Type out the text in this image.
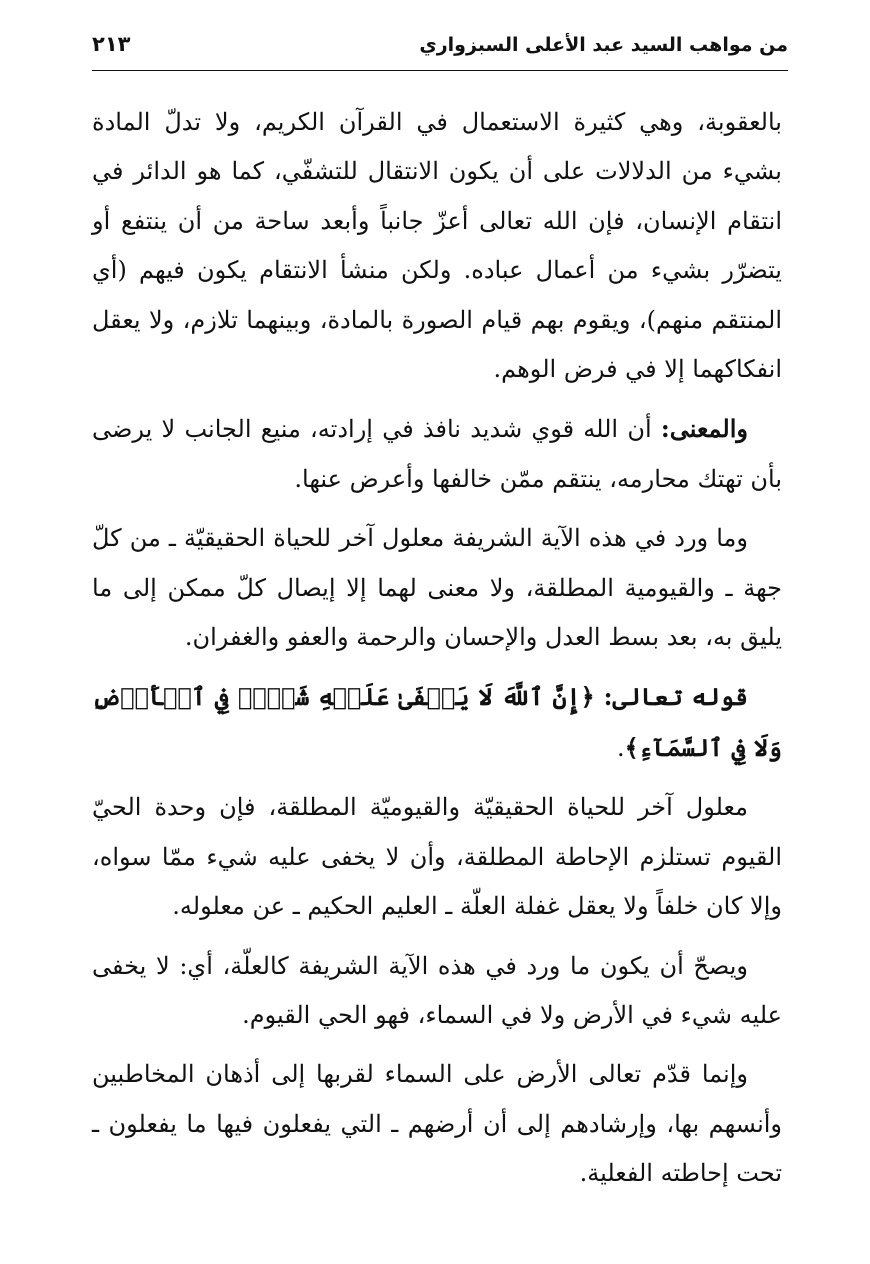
من مواهب السيد عبد الأعلى السبزواري
٢١٣

بالعقوبة، وهي كثيرة الاستعمال في القرآن الكريم، ولا تدلّ المادة بشيء من الدلالات على أن يكون الانتقال للتشفّي، كما هو الدائر في انتقام الإنسان، فإن الله تعالى أعزّ جانباً وأبعد ساحة من أن ينتفع أو يتضرّر بشيء من أعمال عباده. ولكن منشأ الانتقام يكون فيهم (أي المنتقم منهم)، ويقوم بهم قيام الصورة بالمادة، وبينهما تلازم، ولا يعقل انفكاكهما إلا في فرض الوهم.

والمعنى: أن الله قوي شديد نافذ في إرادته، منيع الجانب لا يرضى بأن تهتك محارمه، ينتقم ممّن خالفها وأعرض عنها.

وما ورد في هذه الآية الشريفة معلول آخر للحياة الحقيقيّة ـ من كلّ جهة ـ والقيومية المطلقة، ولا معنى لهما إلا إيصال كلّ ممكن إلى ما يليق به، بعد بسط العدل والإحسان والرحمة والعفو والغفران.

قوله تعالى: ﴿إِنَّ ٱللَّهَ لَا يَخۡفَىٰ عَلَيۡهِ شَيۡءٞ فِي ٱلۡأَرۡضِ وَلَا فِي ٱلسَّمَآءِ﴾.

معلول آخر للحياة الحقيقيّة والقيوميّة المطلقة، فإن وحدة الحيّ القيوم تستلزم الإحاطة المطلقة، وأن لا يخفى عليه شيء ممّا سواه، وإلا كان خلفاً ولا يعقل غفلة العلّة ـ العليم الحكيم ـ عن معلوله.

ويصحّ أن يكون ما ورد في هذه الآية الشريفة كالعلّة، أي: لا يخفى عليه شيء في الأرض ولا في السماء، فهو الحي القيوم.

وإنما قدّم تعالى الأرض على السماء لقربها إلى أذهان المخاطبين وأنسهم بها، وإرشادهم إلى أن أرضهم ـ التي يفعلون فيها ما يفعلون ـ تحت إحاطته الفعلية.
